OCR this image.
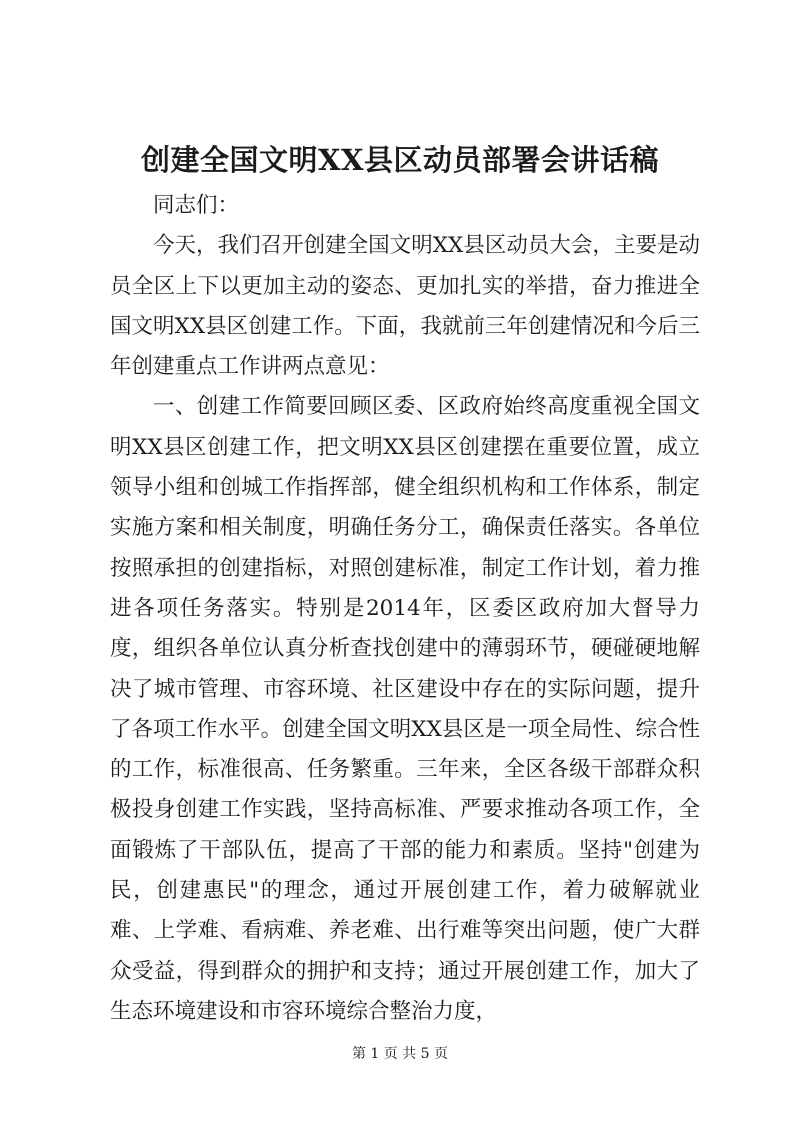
创建全国文明XX县区动员部署会讲话稿

同志们：

今天，我们召开创建全国文明XX县区动员大会，主要是动员全区上下以更加主动的姿态、更加扎实的举措，奋力推进全国文明XX县区创建工作。下面，我就前三年创建情况和今后三年创建重点工作讲两点意见：

一、创建工作简要回顾区委、区政府始终高度重视全国文明XX县区创建工作，把文明XX县区创建摆在重要位置，成立领导小组和创城工作指挥部，健全组织机构和工作体系，制定实施方案和相关制度，明确任务分工，确保责任落实。各单位按照承担的创建指标，对照创建标准，制定工作计划，着力推进各项任务落实。特别是2014年，区委区政府加大督导力度，组织各单位认真分析查找创建中的薄弱环节，硬碰硬地解决了城市管理、市容环境、社区建设中存在的实际问题，提升了各项工作水平。创建全国文明XX县区是一项全局性、综合性的工作，标准很高、任务繁重。三年来，全区各级干部群众积极投身创建工作实践，坚持高标准、严要求推动各项工作，全面锻炼了干部队伍，提高了干部的能力和素质。坚持"创建为民，创建惠民"的理念，通过开展创建工作，着力破解就业难、上学难、看病难、养老难、出行难等突出问题，使广大群众受益，得到群众的拥护和支持；通过开展创建工作，加大了生态环境建设和市容环境综合整治力度，

第 1 页 共 5 页
